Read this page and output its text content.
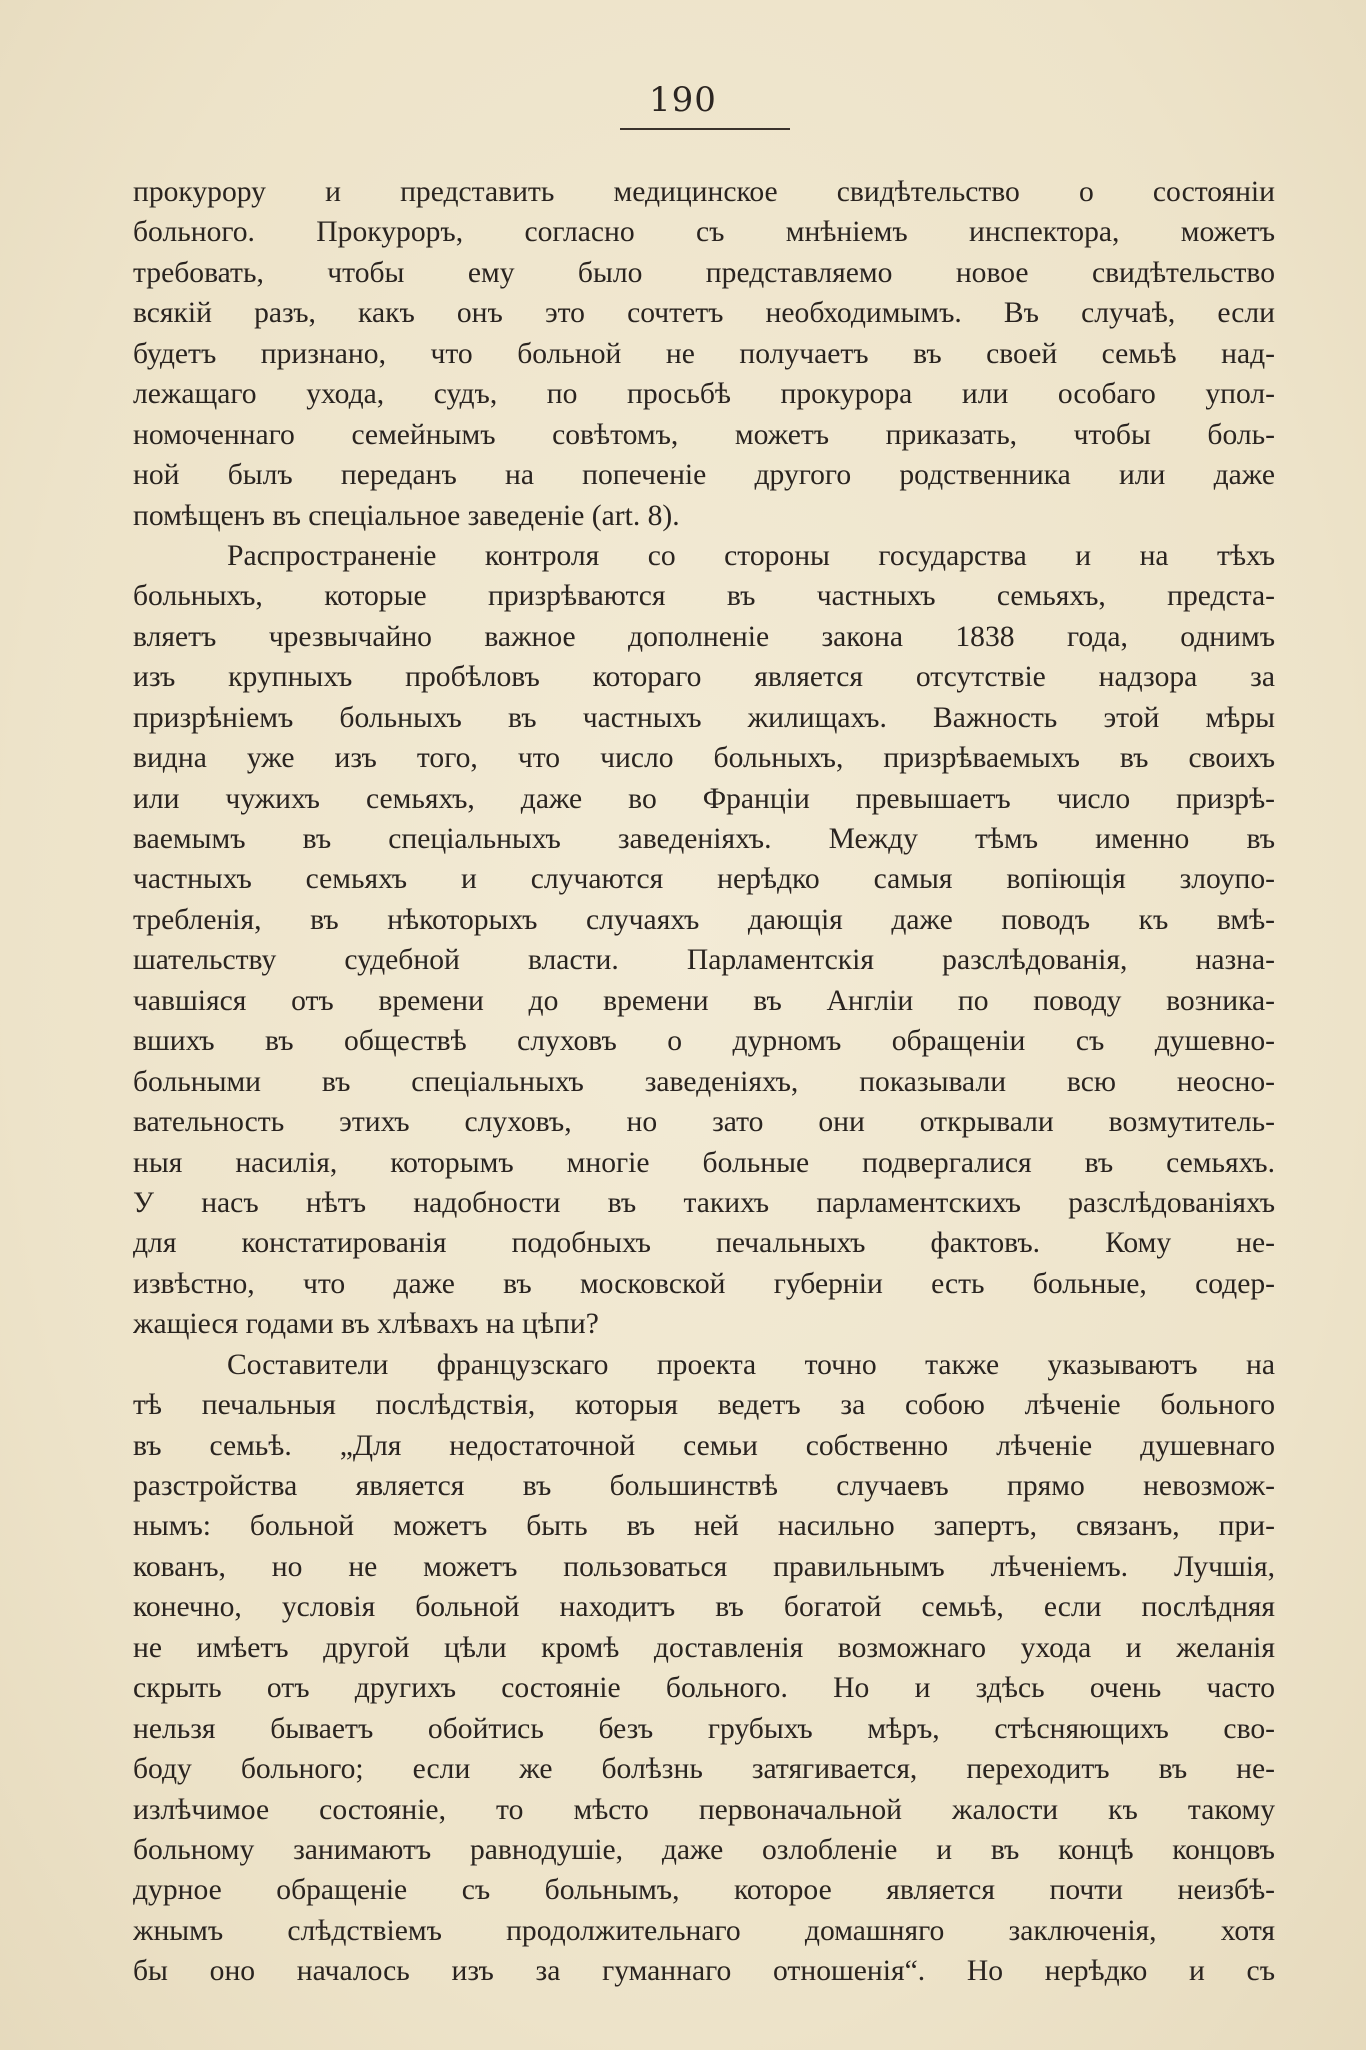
190
прокурору и представить медицинское свидѣтельство о состояніи
больного. Прокуроръ, согласно съ мнѣніемъ инспектора, можетъ
требовать, чтобы ему было представляемо новое свидѣтельство
всякій разъ, какъ онъ это сочтетъ необходимымъ. Въ случаѣ, если
будетъ признано, что больной не получаетъ въ своей семьѣ над-
лежащаго ухода, судъ, по просьбѣ прокурора или особаго упол-
номоченнаго семейнымъ совѣтомъ, можетъ приказать, чтобы боль-
ной былъ переданъ на попеченіе другого родственника или даже
помѣщенъ въ спеціальное заведеніе (art. 8).
Распространеніе контроля со стороны государства и на тѣхъ
больныхъ, которые призрѣваются въ частныхъ семьяхъ, предста-
вляетъ чрезвычайно важное дополненіе закона 1838 года, однимъ
изъ крупныхъ пробѣловъ котораго является отсутствіе надзора за
призрѣніемъ больныхъ въ частныхъ жилищахъ. Важность этой мѣры
видна уже изъ того, что число больныхъ, призрѣваемыхъ въ своихъ
или чужихъ семьяхъ, даже во Франціи превышаетъ число призрѣ-
ваемымъ въ спеціальныхъ заведеніяхъ. Между тѣмъ именно въ
частныхъ семьяхъ и случаются нерѣдко самыя вопіющія злоупо-
требленія, въ нѣкоторыхъ случаяхъ дающія даже поводъ къ вмѣ-
шательству судебной власти. Парламентскія разслѣдованія, назна-
чавшіяся отъ времени до времени въ Англіи по поводу возника-
вшихъ въ обществѣ слуховъ о дурномъ обращеніи съ душевно-
больными въ спеціальныхъ заведеніяхъ, показывали всю неосно-
вательность этихъ слуховъ, но зато они открывали возмутитель-
ныя насилія, которымъ многіе больные подвергалися въ семьяхъ.
У насъ нѣтъ надобности въ такихъ парламентскихъ разслѣдованіяхъ
для констатированія подобныхъ печальныхъ фактовъ. Кому не-
извѣстно, что даже въ московской губерніи есть больные, содер-
жащіеся годами въ хлѣвахъ на цѣпи?
Составители французскаго проекта точно также указываютъ на
тѣ печальныя послѣдствія, которыя ведетъ за собою лѣченіе больного
въ семьѣ. „Для недостаточной семьи собственно лѣченіе душевнаго
разстройства является въ большинствѣ случаевъ прямо невозмож-
нымъ: больной можетъ быть въ ней насильно запертъ, связанъ, при-
кованъ, но не можетъ пользоваться правильнымъ лѣченіемъ. Лучшія,
конечно, условія больной находитъ въ богатой семьѣ, если послѣдняя
не имѣетъ другой цѣли кромѣ доставленія возможнаго ухода и желанія
скрыть отъ другихъ состояніе больного. Но и здѣсь очень часто
нельзя бываетъ обойтись безъ грубыхъ мѣръ, стѣсняющихъ сво-
боду больного; если же болѣзнь затягивается, переходитъ въ не-
излѣчимое состояніе, то мѣсто первоначальной жалости къ такому
больному занимаютъ равнодушіе, даже озлобленіе и въ концѣ концовъ
дурное обращеніе съ больнымъ, которое является почти неизбѣ-
жнымъ слѣдствіемъ продолжительнаго домашняго заключенія, хотя
бы оно началось изъ за гуманнаго отношенія“. Но нерѣдко и съ
